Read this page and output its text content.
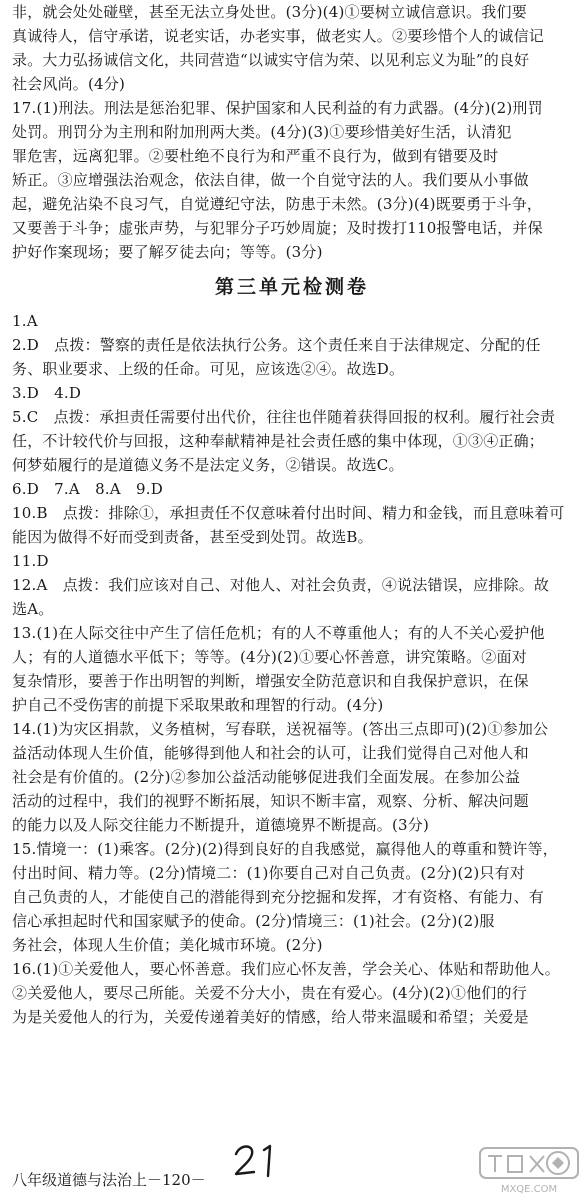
非，就会处处碰壁，甚至无法立身处世。(3分)(4)①要树立诚信意识。我们要
真诚待人，信守承诺，说老实话，办老实事，做老实人。②要珍惜个人的诚信记
录。大力弘扬诚信文化，共同营造“以诚实守信为荣、以见利忘义为耻”的良好
社会风尚。(4分)
17.(1)刑法。刑法是惩治犯罪、保护国家和人民利益的有力武器。(4分)(2)刑罚
处罚。刑罚分为主刑和附加刑两大类。(4分)(3)①要珍惜美好生活，认清犯
罪危害，远离犯罪。②要杜绝不良行为和严重不良行为，做到有错要及时
矫正。③应增强法治观念，依法自律，做一个自觉守法的人。我们要从小事做
起，避免沾染不良习气，自觉遵纪守法，防患于未然。(3分)(4)既要勇于斗争，
又要善于斗争；虚张声势，与犯罪分子巧妙周旋；及时拨打110报警电话，并保
护好作案现场；要了解歹徒去向；等等。(3分)
第三单元检测卷
1.A
2.D　点拨：警察的责任是依法执行公务。这个责任来自于法律规定、分配的任
务、职业要求、上级的任命。可见，应该选②④。故选D。
3.D　4.D
5.C　点拨：承担责任需要付出代价，往往也伴随着获得回报的权利。履行社会责
任，不计较代价与回报，这种奉献精神是社会责任感的集中体现，①③④正确；
何梦茹履行的是道德义务不是法定义务，②错误。故选C。
6.D　7.A　8.A　9.D
10.B　点拨：排除①，承担责任不仅意味着付出时间、精力和金钱，而且意味着可
能因为做得不好而受到责备，甚至受到处罚。故选B。
11.D
12.A　点拨：我们应该对自己、对他人、对社会负责，④说法错误，应排除。故
选A。
13.(1)在人际交往中产生了信任危机；有的人不尊重他人；有的人不关心爱护他
人；有的人道德水平低下；等等。(4分)(2)①要心怀善意，讲究策略。②面对
复杂情形，要善于作出明智的判断，增强安全防范意识和自我保护意识，在保
护自己不受伤害的前提下采取果敢和理智的行动。(4分)
14.(1)为灾区捐款，义务植树，写春联，送祝福等。(答出三点即可)(2)①参加公
益活动体现人生价值，能够得到他人和社会的认可，让我们觉得自己对他人和
社会是有价值的。(2分)②参加公益活动能够促进我们全面发展。在参加公益
活动的过程中，我们的视野不断拓展，知识不断丰富，观察、分析、解决问题
的能力以及人际交往能力不断提升，道德境界不断提高。(3分)
15.情境一：(1)乘客。(2分)(2)得到良好的自我感觉，赢得他人的尊重和赞许等，
付出时间、精力等。(2分)情境二：(1)你要自己对自己负责。(2分)(2)只有对
自己负责的人，才能使自己的潜能得到充分挖掘和发挥，才有资格、有能力、有
信心承担起时代和国家赋予的使命。(2分)情境三：(1)社会。(2分)(2)服
务社会，体现人生价值；美化城市环境。(2分)
16.(1)①关爱他人，要心怀善意。我们应心怀友善，学会关心、体贴和帮助他人。
②关爱他人，要尽己所能。关爱不分大小，贵在有爱心。(4分)(2)①他们的行
为是关爱他人的行为，关爱传递着美好的情感，给人带来温暖和希望；关爱是
八年级道德与法治上－120－
MXQE.COM
